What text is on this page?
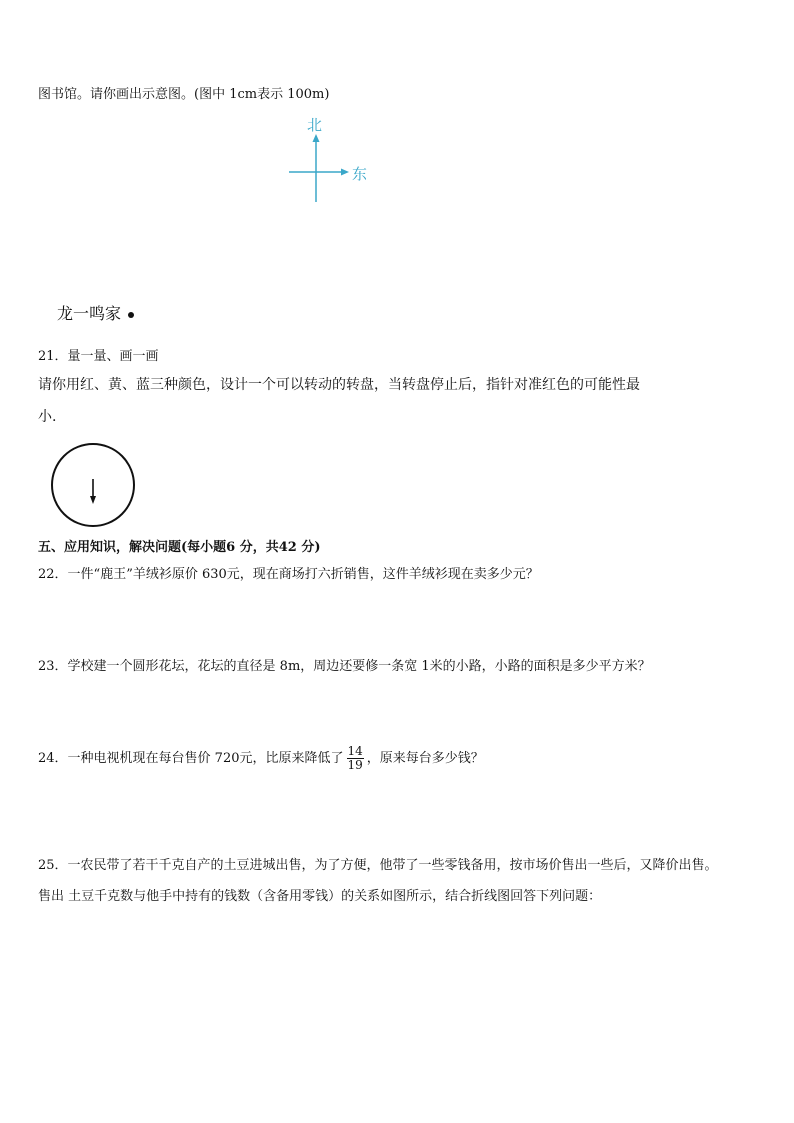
图书馆。请你画出示意图。(图中 1cm表示 100m)
北
东
龙一鸣家
21．量一量、画一画
请你用红、黄、蓝三种颜色，设计一个可以转动的转盘，当转盘停止后，指针对准红色的可能性最
小.
五、应用知识，解决问题(每小题6 分，共42 分)
22．一件“鹿王”羊绒衫原价 630元，现在商场打六折销售，这件羊绒衫现在卖多少元？
23．学校建一个圆形花坛，花坛的直径是 8m，周边还要修一条宽 1米的小路，小路的面积是多少平方米？
24．一种电视机现在每台售价 720元，比原来降低了 $\frac{14}{19}$ ，原来每台多少钱？
25．一农民带了若干千克自产的土豆进城出售，为了方便，他带了一些零钱备用，按市场价售出一些后，又降价出售。
售出 土豆千克数与他手中持有的钱数（含备用零钱）的关系如图所示，结合折线图回答下列问题：
